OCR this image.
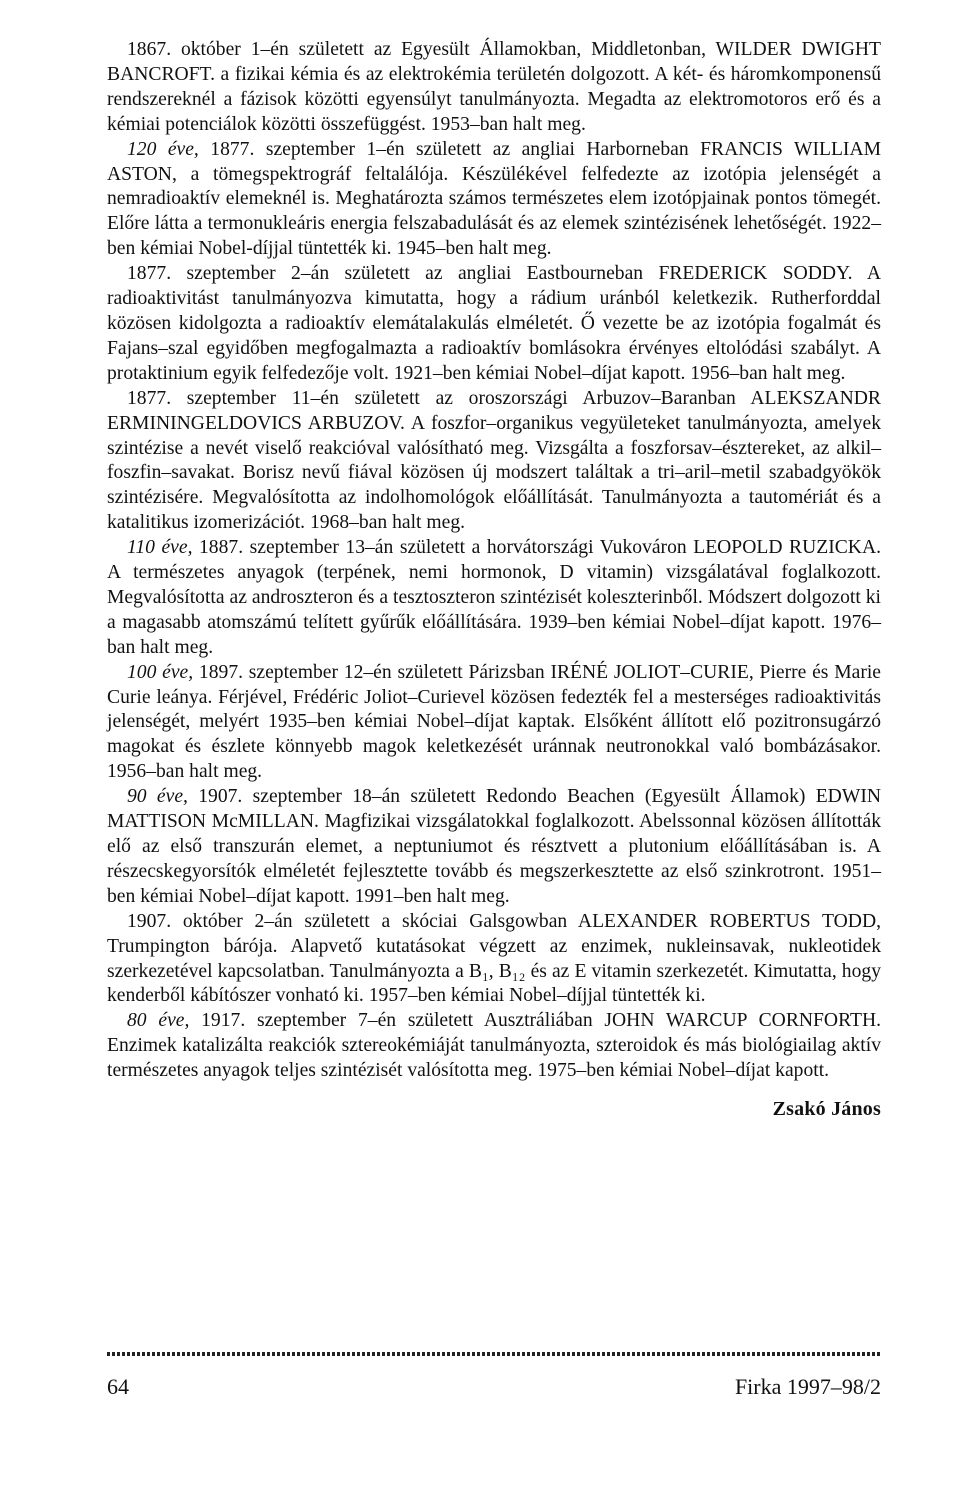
1867. október 1–én született az Egyesült Államokban, Middletonban, WILDER DWIGHT BANCROFT. a fizikai kémia és az elektrokémia területén dolgozott. A két- és háromkomponensű rendszereknél a fázisok közötti egyensúlyt tanulmányozta. Megadta az elektromotoros erő és a kémiai potenciálok közötti összefüggést. 1953–ban halt meg.

120 éve, 1877. szeptember 1–én született az angliai Harborneban FRANCIS WILLIAM ASTON, a tömegspektrográf feltalálója. Készülékével felfedezte az izotópia jelenségét a nemradioaktív elemeknél is. Meghatározta számos természetes elem izotópjainak pontos tömegét. Előre látta a termonukleáris energia felszabadulását és az elemek szintézisének lehetőségét. 1922–ben kémiai Nobel-díjjal tüntették ki. 1945–ben halt meg.

1877. szeptember 2–án született az angliai Eastbourneban FREDERICK SODDY. A radioaktivitást tanulmányozva kimutatta, hogy a rádium uránból keletkezik. Rutherforddal közösen kidolgozta a radioaktív elemátalakulás elméletét. Ő vezette be az izotópia fogalmát és Fajans–szal egyidőben megfogalmazta a radioaktív bomlásokra érvényes eltolódási szabályt. A protaktinium egyik felfedezője volt. 1921–ben kémiai Nobel–díjat kapott. 1956–ban halt meg.

1877. szeptember 11–én született az oroszországi Arbuzov–Baranban ALEKSZANDR ERMININGELDOVICS ARBUZOV. A foszfor–organikus vegyületeket tanulmányozta, amelyek szintézise a nevét viselő reakcióval valósítható meg. Vizsgálta a foszforsav–észtereket, az alkil–foszfin–savakat. Borisz nevű fiával közösen új modszert találtak a tri–aril–metil szabadgyökök szintézisére. Megvalósította az indolhomológok előállítását. Tanulmányozta a tautomériát és a katalitikus izomerizációt. 1968–ban halt meg.

110 éve, 1887. szeptember 13–án született a horvátországi Vukováron LEOPOLD RUZICKA. A természetes anyagok (terpének, nemi hormonok, D vitamin) vizsgálatával foglalkozott. Megvalósította az androszteron és a tesztoszteron szintézisét koleszterinből. Módszert dolgozott ki a magasabb atomszámú telített gyűrűk előállítására. 1939–ben kémiai Nobel–díjat kapott. 1976–ban halt meg.

100 éve, 1897. szeptember 12–én született Párizsban IRÉNÉ JOLIOT–CURIE, Pierre és Marie Curie leánya. Férjével, Frédéric Joliot–Curievel közösen fedezték fel a mesterséges radioaktivitás jelenségét, melyért 1935–ben kémiai Nobel–díjat kaptak. Elsőként állított elő pozitronsugárzó magokat és észlete könnyebb magok keletkezését uránnak neutronokkal való bombázásakor. 1956–ban halt meg.

90 éve, 1907. szeptember 18–án született Redondo Beachen (Egyesült Államok) EDWIN MATTISON McMILLAN. Magfizikai vizsgálatokkal foglalkozott. Abelssonnal közösen állították elő az első transzurán elemet, a neptuniumot és résztvett a plutonium előállításában is. A részecskegyorsítók elméletét fejlesztette tovább és megszerkesztette az első szinkrotront. 1951–ben kémiai Nobel–díjat kapott. 1991–ben halt meg.

1907. október 2–án született a skóciai Galsgowban ALEXANDER ROBERTUS TODD, Trumpington bárója. Alapvető kutatásokat végzett az enzimek, nukleinsavak, nukleotidek szerkezetével kapcsolatban. Tanulmányozta a B₁, B₁₂ és az E vitamin szerkezetét. Kimutatta, hogy kenderből kábítószer vonható ki. 1957–ben kémiai Nobel–díjjal tüntették ki.

80 éve, 1917. szeptember 7–én született Ausztráliában JOHN WARCUP CORNFORTH. Enzimek katalizálta reakciók sztereokémiáját tanulmányozta, szteroidok és más biológiailag aktív természetes anyagok teljes szintézisét valósította meg. 1975–ben kémiai Nobel–díjat kapott.

Zsakó János
64	Firka 1997–98/2
